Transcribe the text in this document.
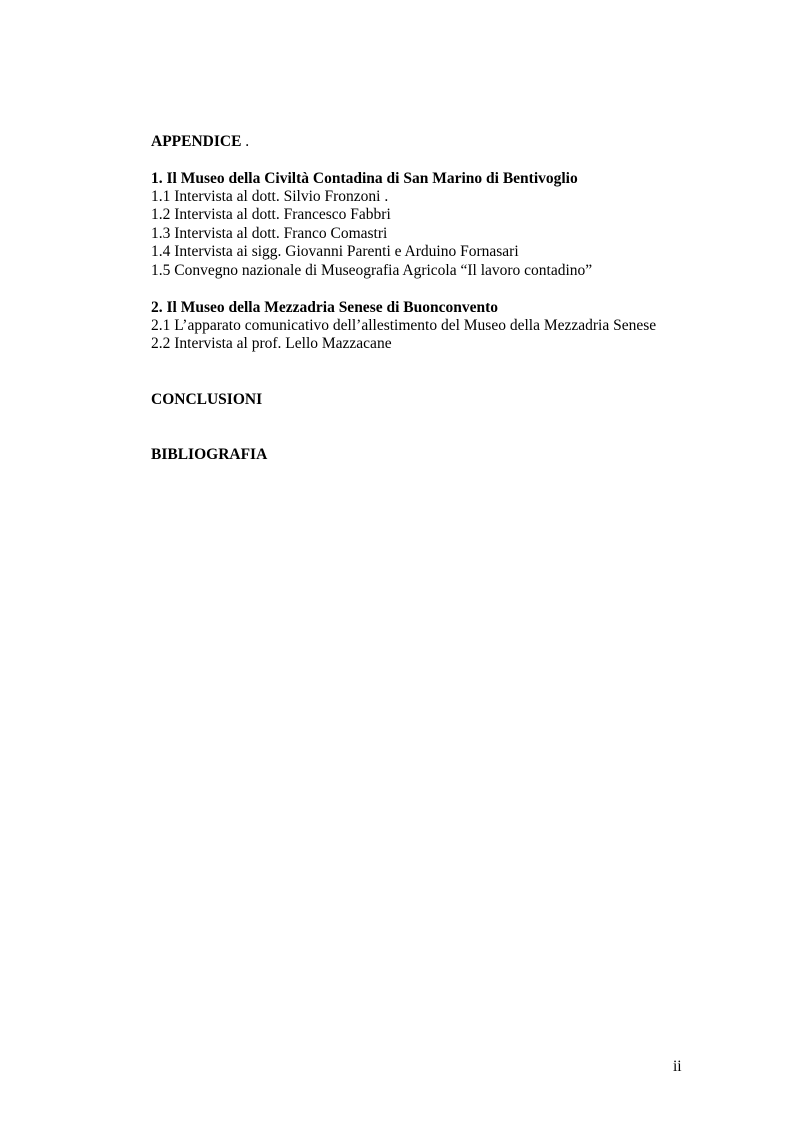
APPENDICE .
1. Il Museo della Civiltà Contadina di San Marino di Bentivoglio
1.1 Intervista al dott. Silvio Fronzoni .
1.2 Intervista al dott. Francesco Fabbri
1.3 Intervista al dott. Franco Comastri
1.4 Intervista ai sigg. Giovanni Parenti e Arduino Fornasari
1.5 Convegno nazionale di Museografia Agricola “Il lavoro contadino”
2. Il Museo della Mezzadria Senese di Buonconvento
2.1 L’apparato comunicativo dell’allestimento del Museo della Mezzadria Senese
2.2 Intervista al prof. Lello Mazzacane
CONCLUSIONI
BIBLIOGRAFIA
ii
